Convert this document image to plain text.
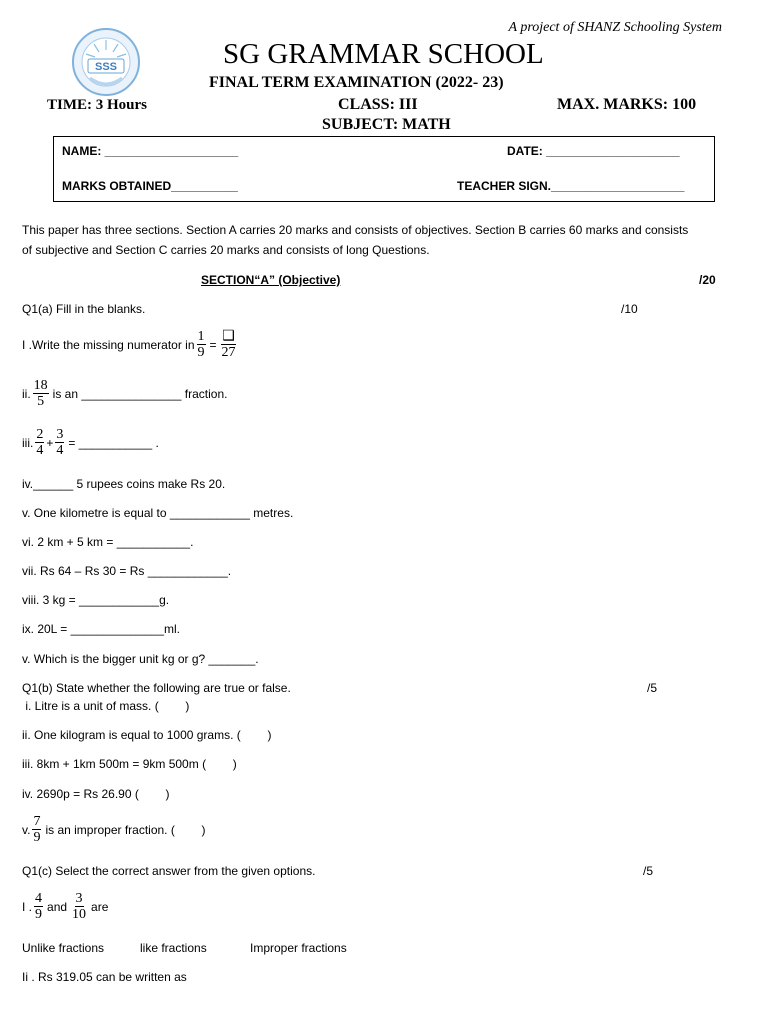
SSS
A project of SHANZ Schooling System
SG GRAMMAR SCHOOL
FINAL TERM EXAMINATION (2022- 23)
TIME: 3 Hours	CLASS: III	MAX. MARKS: 100
SUBJECT: MATH
NAME: ____________________	DATE: ____________________
MARKS OBTAINED__________	TEACHER SIGN.____________________
This paper has three sections. Section A carries 20 marks and consists of objectives. Section B carries 60 marks and consists
of subjective and Section C carries 20 marks and consists of long Questions.
SECTION“A” (Objective)	/20
Q1(a) Fill in the blanks.	/10
I .Write the missing numerator in $\frac{1}{9} = \frac{❑}{27}$
ii. $\frac{18}{5}$ is an _______________ fraction.
iii. $\frac{2}{4} + \frac{3}{4}$ = ___________ .
iv.______ 5 rupees coins make Rs 20.
v. One kilometre is equal to ____________ metres.
vi. 2 km + 5 km = ___________.
vii. Rs 64 – Rs 30 = Rs ____________.
viii. 3 kg = ____________g.
ix. 20L = ______________ml.
v. Which is the bigger unit kg or g? _______.
Q1(b) State whether the following are true or false.	/5
i. Litre is a unit of mass. (        )
ii. One kilogram is equal to 1000 grams. (        )
iii. 8km + 1km 500m = 9km 500m (        )
iv. 2690p = Rs 26.90 (        )
v. $\frac{7}{9}$ is an improper fraction. (        )
Q1(c) Select the correct answer from the given options.	/5
I . $\frac{4}{9}$ and $\frac{3}{10}$ are
Unlike fractions	like fractions	Improper fractions
Ii . Rs 319.05 can be written as
